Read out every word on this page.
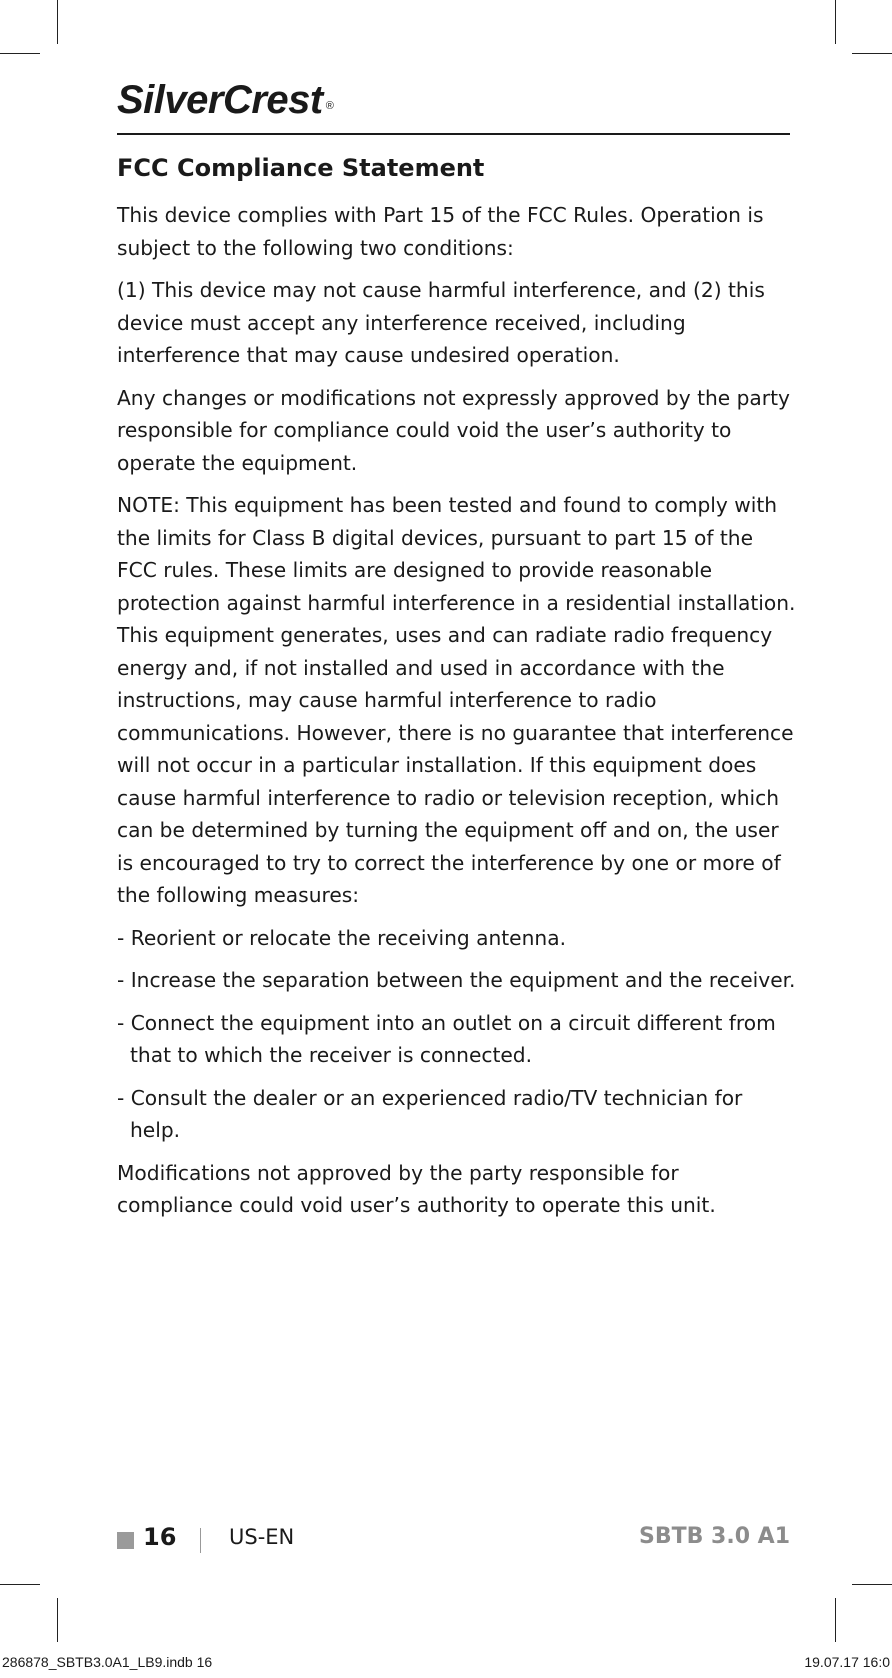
SilverCrest ®
FCC Compliance Statement

This device complies with Part 15 of the FCC Rules. Operation is subject to the following two conditions:

(1) This device may not cause harmful interference, and (2) this device must accept any interference received, including interference that may cause undesired operation.

Any changes or modifications not expressly approved by the party responsible for compliance could void the user’s authority to operate the equipment.

NOTE: This equipment has been tested and found to comply with the limits for Class B digital devices, pursuant to part 15 of the FCC rules. These limits are designed to provide reasonable protection against harmful interference in a residential installation. This equipment generates, uses and can radiate radio frequency energy and, if not installed and used in accordance with the instructions, may cause harmful interference to radio communications. However, there is no guarantee that interference will not occur in a particular installation. If this equipment does cause harmful interference to radio or television reception, which can be determined by turning the equipment off and on, the user is encouraged to try to correct the interference by one or more of the following measures:

- Reorient or relocate the receiving antenna.
- Increase the separation between the equipment and the receiver.
- Connect the equipment into an outlet on a circuit different from that to which the receiver is connected.
- Consult the dealer or an experienced radio/TV technician for help.

Modifications not approved by the party responsible for compliance could void user’s authority to operate this unit.

16	US-EN	SBTB 3.0 A1
286878_SBTB3.0A1_LB9.indb 16	19.07.17 16:0
